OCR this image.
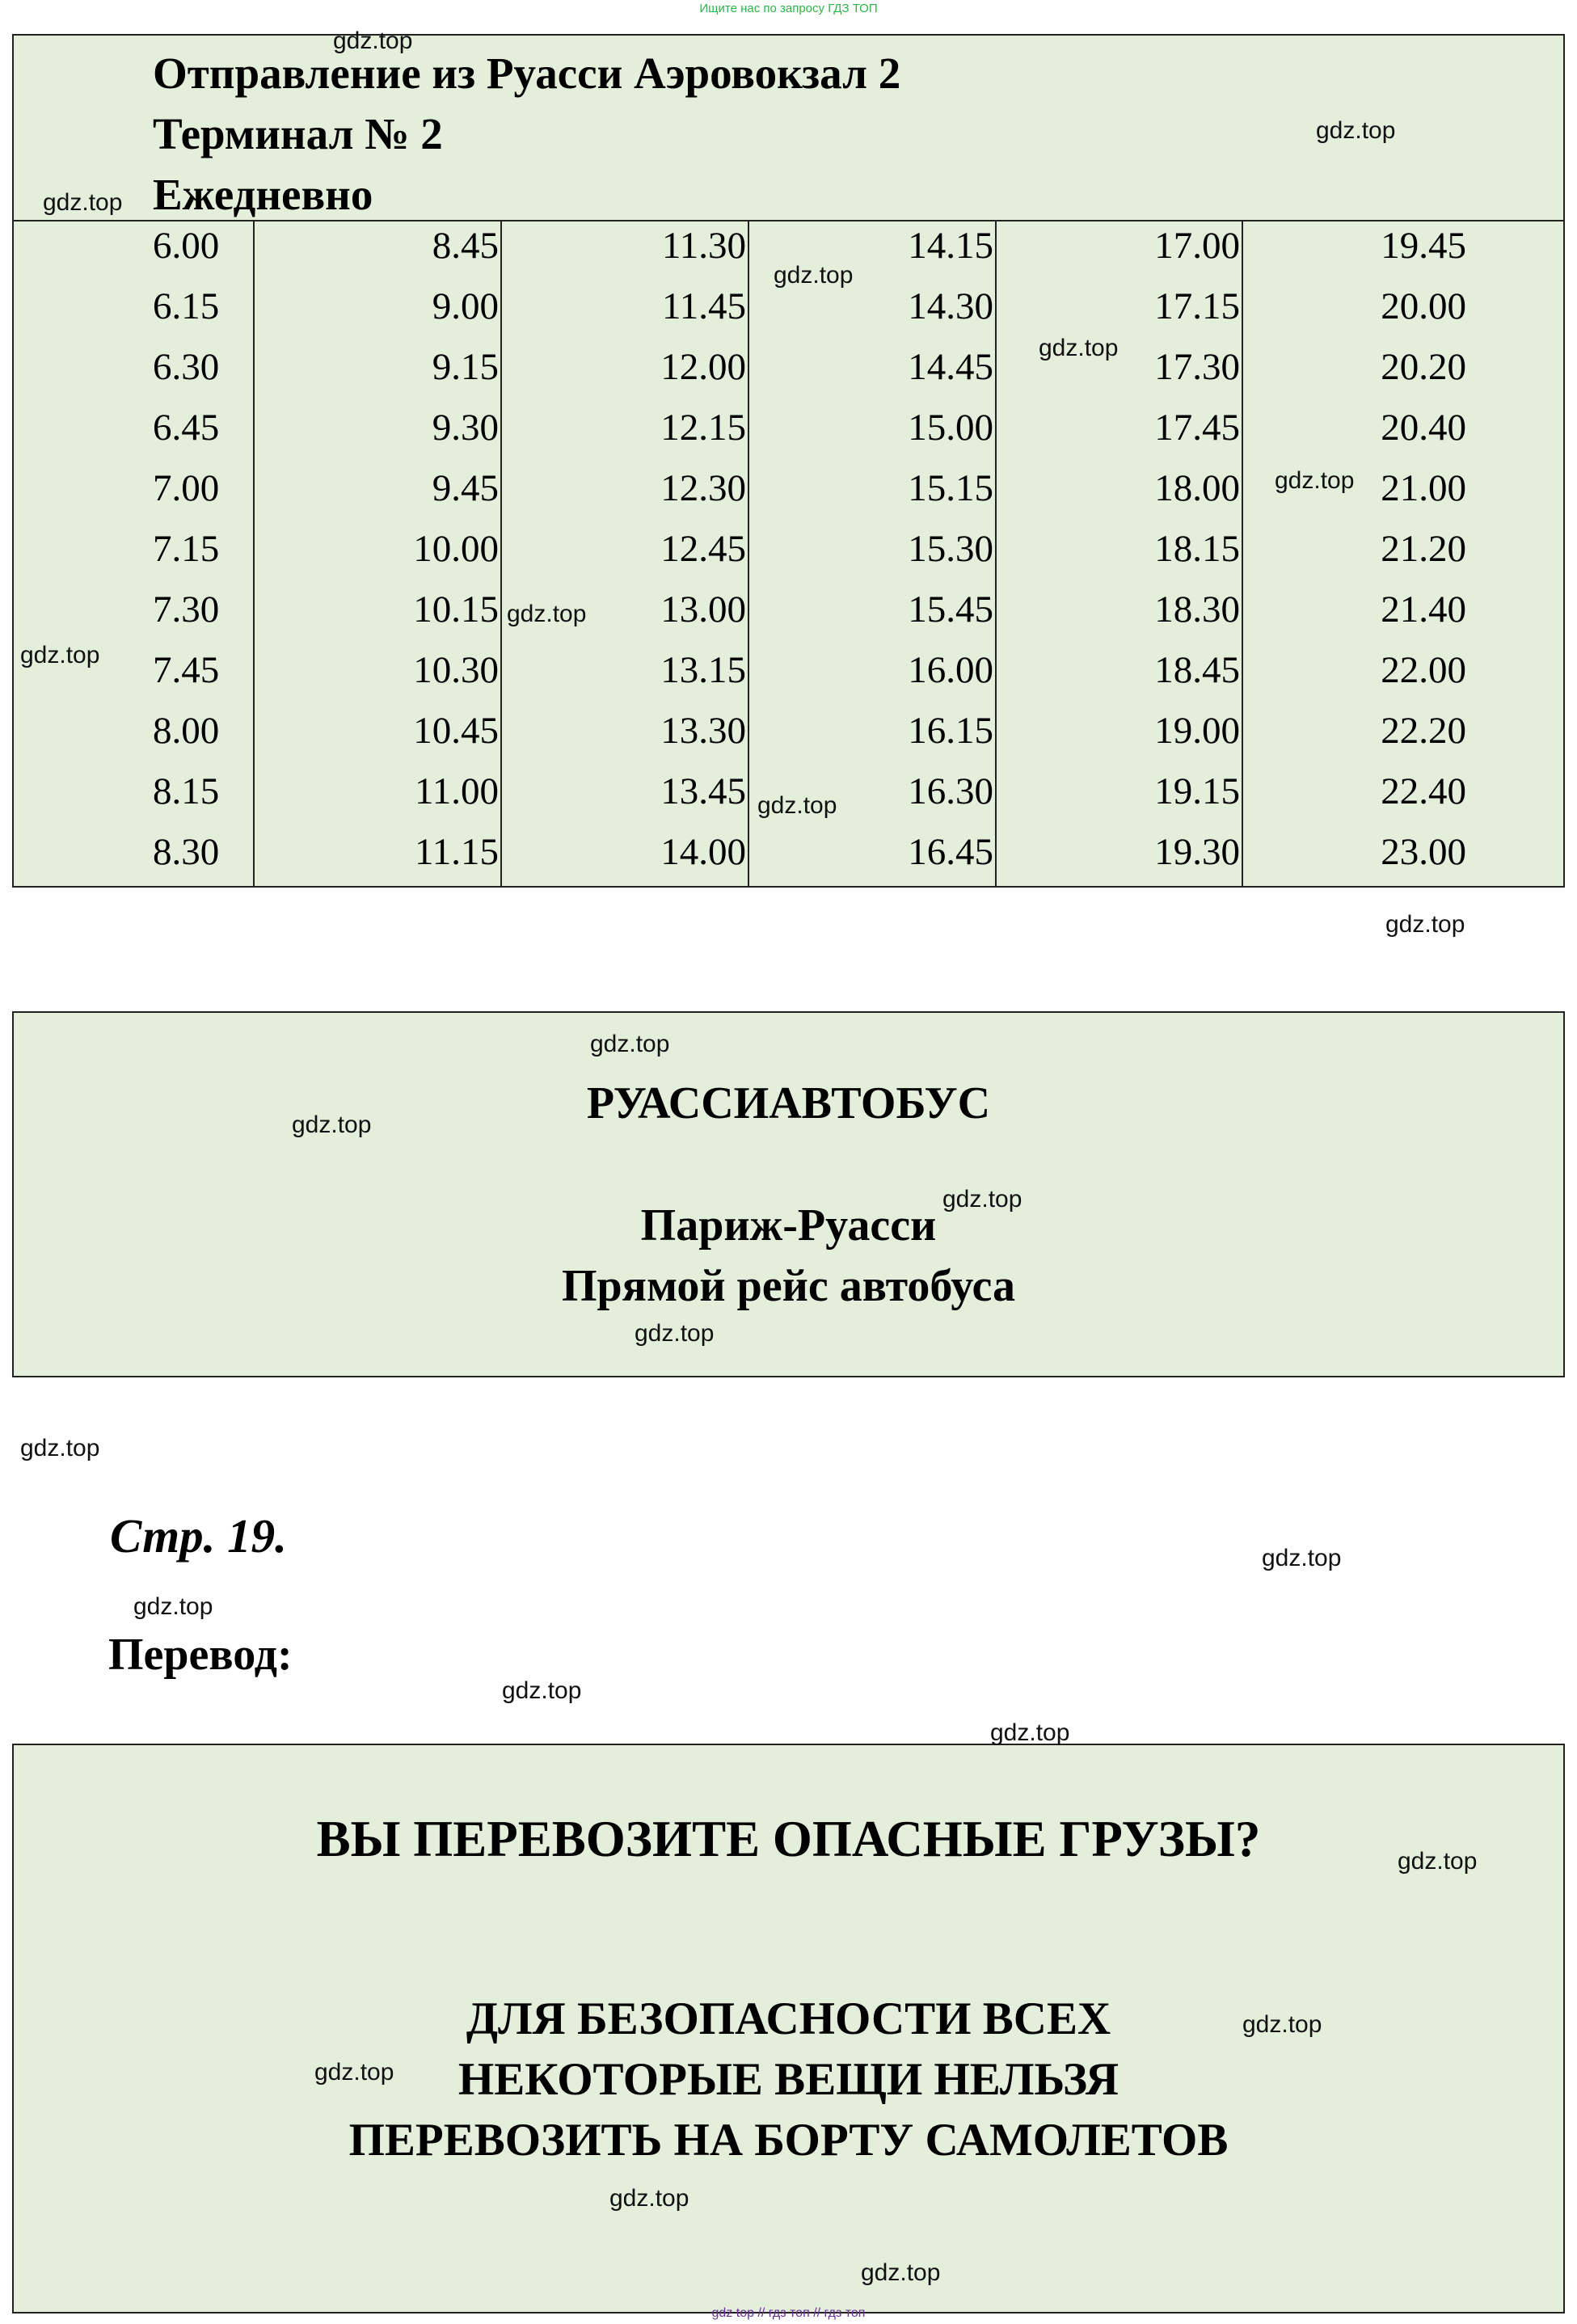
Ищите нас по запросу ГДЗ ТОП
Отправление из Руасси Аэровокзал 2
Терминал № 2
Ежедневно
6.00
6.15
6.30
6.45
7.00
7.15
7.30
7.45
8.00
8.15
8.30
8.45
9.00
9.15
9.30
9.45
10.00
10.15
10.30
10.45
11.00
11.15
11.30
11.45
12.00
12.15
12.30
12.45
13.00
13.15
13.30
13.45
14.00
14.15
14.30
14.45
15.00
15.15
15.30
15.45
16.00
16.15
16.30
16.45
17.00
17.15
17.30
17.45
18.00
18.15
18.30
18.45
19.00
19.15
19.30
19.45
20.00
20.20
20.40
21.00
21.20
21.40
22.00
22.20
22.40
23.00
РУАССИАВТОБУС
Париж-Руасси
Прямой рейс автобуса
Стр. 19.
Перевод:
ВЫ ПЕРЕВОЗИТЕ ОПАСНЫЕ ГРУЗЫ?
ДЛЯ БЕЗОПАСНОСТИ ВСЕХ
НЕКОТОРЫЕ ВЕЩИ НЕЛЬЗЯ
ПЕРЕВОЗИТЬ НА БОРТУ САМОЛЕТОВ
gdz.top
gdz.top
gdz.top
gdz.top
gdz.top
gdz.top
gdz.top
gdz.top
gdz.top
gdz.top
gdz.top
gdz.top
gdz.top
gdz.top
gdz.top
gdz.top
gdz.top
gdz.top
gdz.top
gdz.top
gdz.top
gdz.top
gdz.top
gdz.top
gdz top // гдз топ // гдз топ
